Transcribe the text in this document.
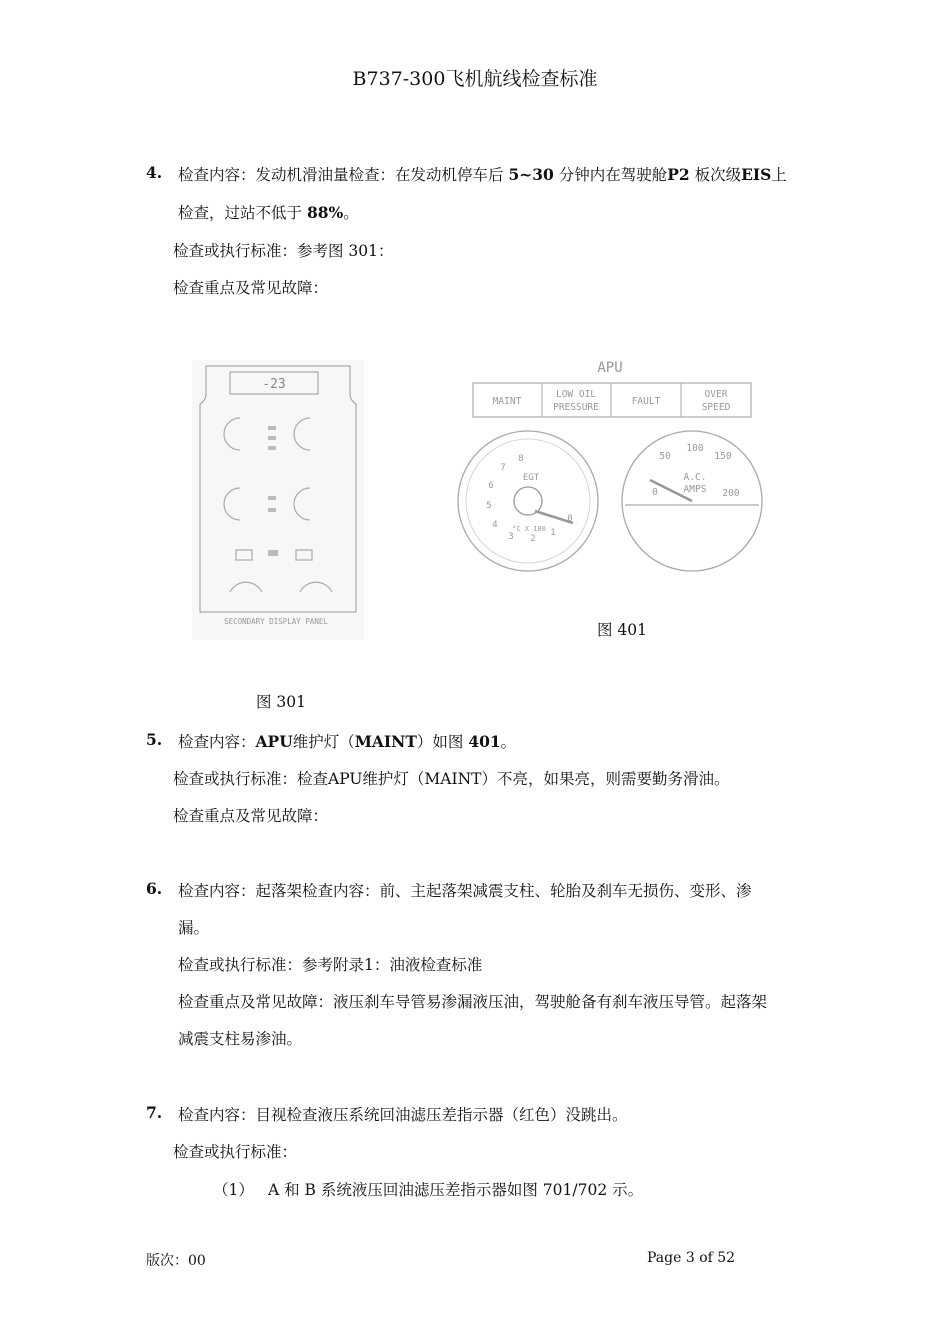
B737-300飞机航线检查标准
4. 检查内容：发动机滑油量检查：在发动机停车后 5~30 分钟内在驾驶舱P2 板次级EIS上
检查，过站不低于 88%。
检查或执行标准：参考图 301：
检查重点及常见故障：
-23
SECONDARY DISPLAY PANEL
图 301
APU
MAINT
LOW OIL
PRESSURE
FAULT
OVER
SPEED
0
1
2
3
4
5
6
7
8
EGT
°C X 100
0
50
100
150
200
A.C.
AMPS
图 401
5. 检查内容：APU维护灯（MAINT）如图 401。
检查或执行标准：检查APU维护灯（MAINT）不亮，如果亮，则需要勤务滑油。
检查重点及常见故障：
6. 检查内容：起落架检查内容：前、主起落架减震支柱、轮胎及刹车无损伤、变形、渗
漏。
检查或执行标准：参考附录1：油液检查标准
检查重点及常见故障：液压刹车导管易渗漏液压油，驾驶舱备有刹车液压导管。起落架
减震支柱易渗油。
7. 检查内容：目视检查液压系统回油滤压差指示器（红色）没跳出。
检查或执行标准：
（1） A 和 B 系统液压回油滤压差指示器如图 701/702 示。
版次：00	Page 3 of 52
